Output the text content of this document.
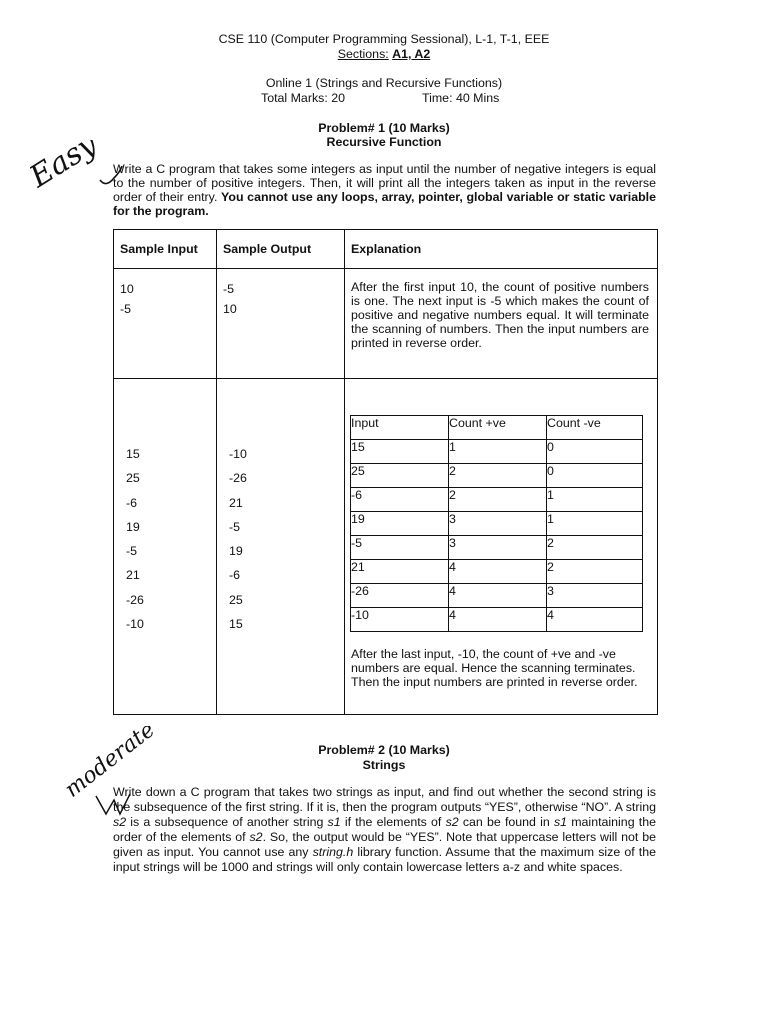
CSE 110 (Computer Programming Sessional), L-1, T-1, EEE
Sections: A1, A2
Online 1 (Strings and Recursive Functions)
Total Marks: 20	Time: 40 Mins
Problem# 1 (10 Marks)
Recursive Function
Easy Write a C program that takes some integers as input until the number of negative integers is equal to the number of positive integers. Then, it will print all the integers taken as input in the reverse order of their entry. You cannot use any loops, array, pointer, global variable or static variable for the program.
Sample Input	Sample Output	Explanation

10
-5

-5
10

After the first input 10, the count of positive numbers is one. The next input is -5 which makes the count of positive and negative numbers equal. It will terminate the scanning of numbers. Then the input numbers are printed in reverse order.

15
25
-6
19
-5
21
-26
-10

-10
-26
21
-5
19
-6
25
15

Input	Count +ve	Count -ve
15	1	0
25	2	0
-6	2	1
19	3	1
-5	3	2
21	4	2
-26	4	3
-10	4	4
After the last input, -10, the count of +ve and -ve numbers are equal. Hence the scanning terminates. Then the input numbers are printed in reverse order.
moderate	Problem# 2 (10 Marks)
Strings
Write down a C program that takes two strings as input, and find out whether the second string is the subsequence of the first string. If it is, then the program outputs “YES”, otherwise “NO”. A string s2 is a subsequence of another string s1 if the elements of s2 can be found in s1 maintaining the order of the elements of s2. So, the output would be “YES”. Note that uppercase letters will not be given as input. You cannot use any string.h library function. Assume that the maximum size of the input strings will be 1000 and strings will only contain lowercase letters a-z and white spaces.
